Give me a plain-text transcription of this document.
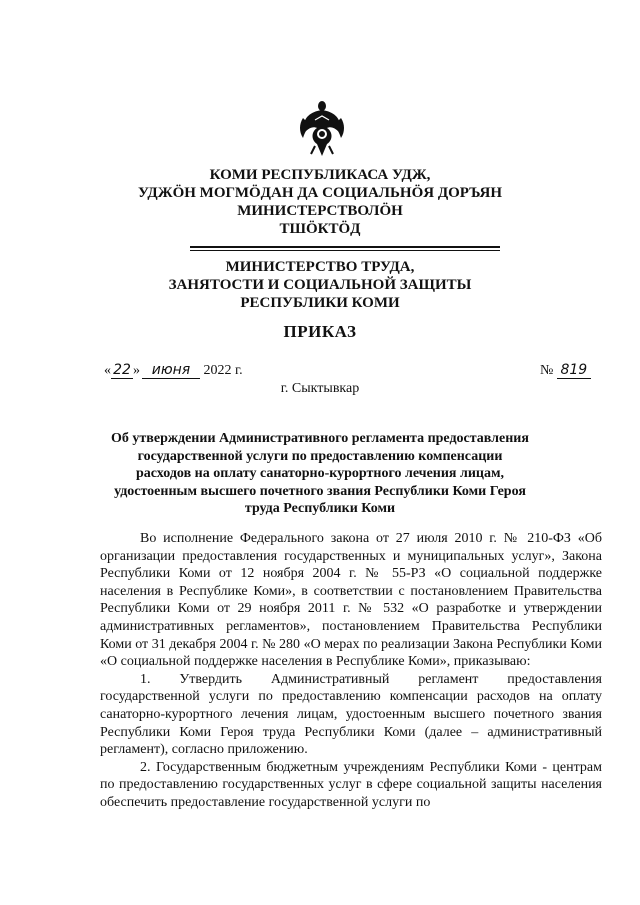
КОМИ РЕСПУБЛИКАСА УДЖ,
УДЖӦН МОГМӦДАН ДА СОЦИАЛЬНӦЯ ДОРЪЯН
МИНИСТЕРСТВОЛӦН
ТШӦКТӦД
МИНИСТЕРСТВО ТРУДА,
ЗАНЯТОСТИ И СОЦИАЛЬНОЙ ЗАЩИТЫ
РЕСПУБЛИКИ КОМИ
ПРИКАЗ
« 22 » июня 2022 г.	№ 819
г. Сыктывкар
Об утверждении Административного регламента предоставления государственной услуги по предоставлению компенсации расходов на оплату санаторно-курортного лечения лицам, удостоенным высшего почетного звания Республики Коми Героя труда Республики Коми

Во исполнение Федерального закона от 27 июля 2010 г. № 210-ФЗ «Об организации предоставления государственных и муниципальных услуг», Закона Республики Коми от 12 ноября 2004 г. № 55-РЗ «О социальной поддержке населения в Республике Коми», в соответствии с постановлением Правительства Республики Коми от 29 ноября 2011 г. № 532 «О разработке и утверждении административных регламентов», постановлением Правительства Республики Коми от 31 декабря 2004 г. № 280 «О мерах по реализации Закона Республики Коми «О социальной поддержке населения в Республике Коми», приказываю:

1. Утвердить Административный регламент предоставления государственной услуги по предоставлению компенсации расходов на оплату санаторно-курортного лечения лицам, удостоенным высшего почетного звания Республики Коми Героя труда Республики Коми (далее – административный регламент), согласно приложению.

2. Государственным бюджетным учреждениям Республики Коми - центрам по предоставлению государственных услуг в сфере социальной защиты населения обеспечить предоставление государственной услуги по
